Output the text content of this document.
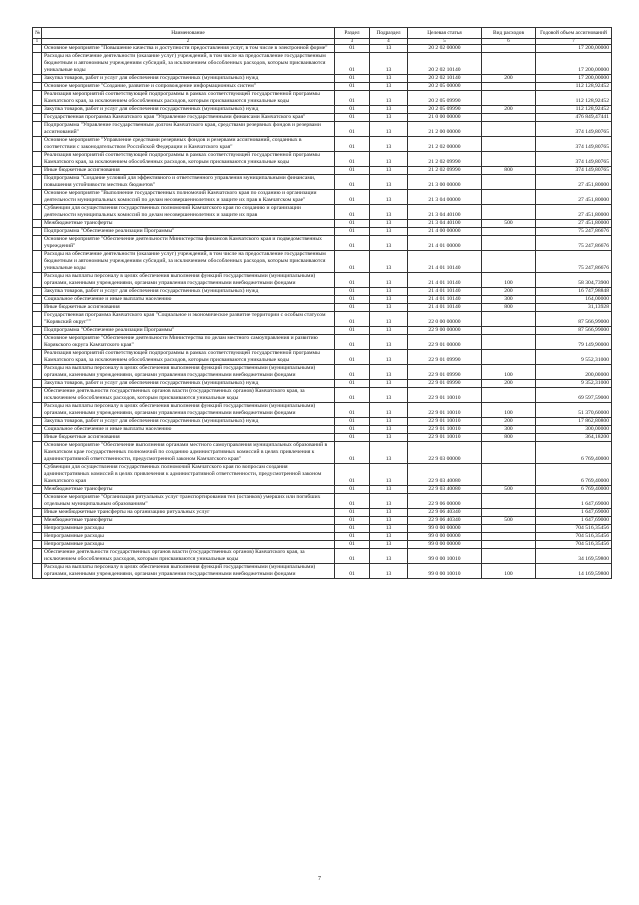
№	Наименование	Раздел	Подраздел	Целевая статья	Вид расходов	Годовой объем ассигнований
1	2	3	4	5	6	7
	Основное мероприятие "Повышение качества и доступности предоставления услуг, в том числе в электронной форме"	01	13	20 2 02 00000		17 200,00000
	Расходы на обеспечение деятельности (оказание услуг) учреждений, в том числе на предоставление государственным бюджетным и автономным учреждениям субсидий, за исключением обособленных расходов, которым присваиваются уникальные коды	01	13	20 2 02 10140		17 200,00000
	Закупка товаров, работ и услуг для обеспечения государственных (муниципальных) нужд	01	13	20 2 02 10140	200	17 200,00000
	Основное мероприятие "Создание, развитие и сопровождение информационных систем"	01	13	20 2 05 00000		112 128,92452
	Реализация мероприятий соответствующей подпрограммы в рамках соответствующей государственной программы Камчатского края, за исключением обособленных расходов, которым присваиваются уникальные коды	01	13	20 2 05 09990		112 128,92452
	Закупка товаров, работ и услуг для обеспечения государственных (муниципальных) нужд	01	13	20 2 05 09990	200	112 128,92452
	Государственная программа Камчатского края "Управление государственными финансами Камчатского края"	01	13	21 0 00 00000		476 849,47441
	Подпрограмма "Управление государственным долгом Камчатского края, средствами резервных фондов и резервами ассигнований"	01	13	21 2 00 00000		374 149,80765
	Основное мероприятие "Управление средствами резервных фондов и резервами ассигнований, созданных в соответствии с законодательством Российской Федерации и Камчатского края"	01	13	21 2 02 00000		374 149,80765
	Реализация мероприятий соответствующей подпрограммы в рамках соответствующей государственной программы Камчатского края, за исключением обособленных расходов, которым присваиваются уникальные коды	01	13	21 2 02 09990		374 149,80765
	Иные бюджетные ассигнования	01	13	21 2 02 09990	800	374 149,80765
	Подпрограмма "Создание условий для эффективного и ответственного управления муниципальными финансами, повышения устойчивости местных бюджетов"	01	13	21 3 00 00000		27 451,80000
	Основное мероприятие "Выполнение государственных полномочий Камчатского края по созданию и организации деятельности муниципальных комиссий по делам несовершеннолетних и защите их прав в Камчатском крае"	01	13	21 3 04 00000		27 451,80000
	Субвенции для осуществления государственных полномочий Камчатского края по созданию и организации деятельности муниципальных комиссий по делам несовершеннолетних и защите их прав	01	13	21 3 04 40100		27 451,80000
	Межбюджетные трансферты	01	13	21 3 04 40100	500	27 451,80000
	Подпрограмма "Обеспечение реализации Программы"	01	13	21 4 00 00000		75 247,86676
	Основное мероприятие "Обеспечение деятельности Министерства финансов Камчатского края и подведомственных учреждений"	01	13	21 4 01 00000		75 247,86676
	Расходы на обеспечение деятельности (оказание услуг) учреждений, в том числе на предоставление государственным бюджетным и автономным учреждениям субсидий, за исключением обособленных расходов, которым присваиваются уникальные коды	01	13	21 4 01 10140		75 247,86676
	Расходы на выплаты персоналу в целях обеспечения выполнения функций государственными (муниципальными) органами, казенными учреждениями, органами управления государственными внебюджетными фондами	01	13	21 4 01 10140	100	58 304,73900
	Закупка товаров, работ и услуг для обеспечения государственных (муниципальных) нужд	01	13	21 4 01 10140	200	16 747,98848
	Социальное обеспечение и иные выплаты населению	01	13	21 4 01 10140	300	164,00000
	Иные бюджетные ассигнования	01	13	21 4 01 10140	800	31,13928
	Государственная программа Камчатского края "Социальное и экономическое развитие территории с особым статусом "Корякский округ""	01	13	22 0 00 00000		87 566,99000
	Подпрограмма "Обеспечение реализации Программы"	01	13	22 9 00 00000		87 566,99000
	Основное мероприятие "Обеспечение деятельности Министерства по делам местного самоуправления и развитию Корякского округа Камчатского края"	01	13	22 9 01 00000		79 149,90000
	Реализация мероприятий соответствующей подпрограммы в рамках соответствующей государственной программы Камчатского края, за исключением обособленных расходов, которым присваиваются уникальные коды	01	13	22 9 01 09990		9 552,31000
	Расходы на выплаты персоналу в целях обеспечения выполнения функций государственными (муниципальными) органами, казенными учреждениями, органами управления государственными внебюджетными фондами	01	13	22 9 01 09990	100	200,00000
	Закупка товаров, работ и услуг для обеспечения государственных (муниципальных) нужд	01	13	22 9 01 09990	200	9 352,31000
	Обеспечение деятельности государственных органов власти (государственных органов) Камчатского края, за исключением обособленных расходов, которым присваиваются уникальные коды	01	13	22 9 01 10010		69 597,59000
	Расходы на выплаты персоналу в целях обеспечения выполнения функций государственными (муниципальными) органами, казенными учреждениями, органами управления государственными внебюджетными фондами	01	13	22 9 01 10010	100	51 370,60000
	Закупка товаров, работ и услуг для обеспечения государственных (муниципальных) нужд	01	13	22 9 01 10010	200	17 862,80800
	Социальное обеспечение и иные выплаты населению	01	13	22 9 01 10010	300	300,00000
	Иные бюджетные ассигнования	01	13	22 9 01 10010	800	364,18200
	Основное мероприятие "Обеспечение выполнения органами местного самоуправления муниципальных образований в Камчатском крае государственных полномочий по созданию административных комиссий в целях привлечения к административной ответственности, предусмотренной законом Камчатского края"	01	13	22 9 03 00000		6 769,40000
	Субвенции для осуществления государственных полномочий Камчатского края по вопросам создания административных комиссий в целях привлечения к административной ответственности, предусмотренной законом Камчатского края	01	13	22 9 03 40080		6 769,40000
	Межбюджетные трансферты	01	13	22 9 03 40080	500	6 769,40000
	Основное мероприятие "Организация ритуальных услуг транспортирования тел (останков) умерших или погибших отдельным муниципальным образованиям"	01	13	22 9 06 00000		1 647,69000
	Иные межбюджетные трансферты на организацию ритуальных услуг	01	13	22 9 06 40340		1 647,69000
	Межбюджетные трансферты	01	13	22 9 06 40340	500	1 647,69000
	Непрограммные расходы	01	13	99 0 00 00000		704 516,35456
	Непрограммные расходы	01	13	99 0 00 00000		704 516,35456
	Непрограммные расходы	01	13	99 0 00 00000		704 516,35456
	Обеспечение деятельности государственных органов власти (государственных органов) Камчатского края, за исключением обособленных расходов, которым присваиваются уникальные коды	01	13	99 0 00 10010		34 169,59800
	Расходы на выплаты персоналу в целях обеспечения выполнения функций государственными (муниципальными) органами, казенными учреждениями, органами управления государственными внебюджетными фондами	01	13	99 0 00 10010	100	14 169,59800
7
